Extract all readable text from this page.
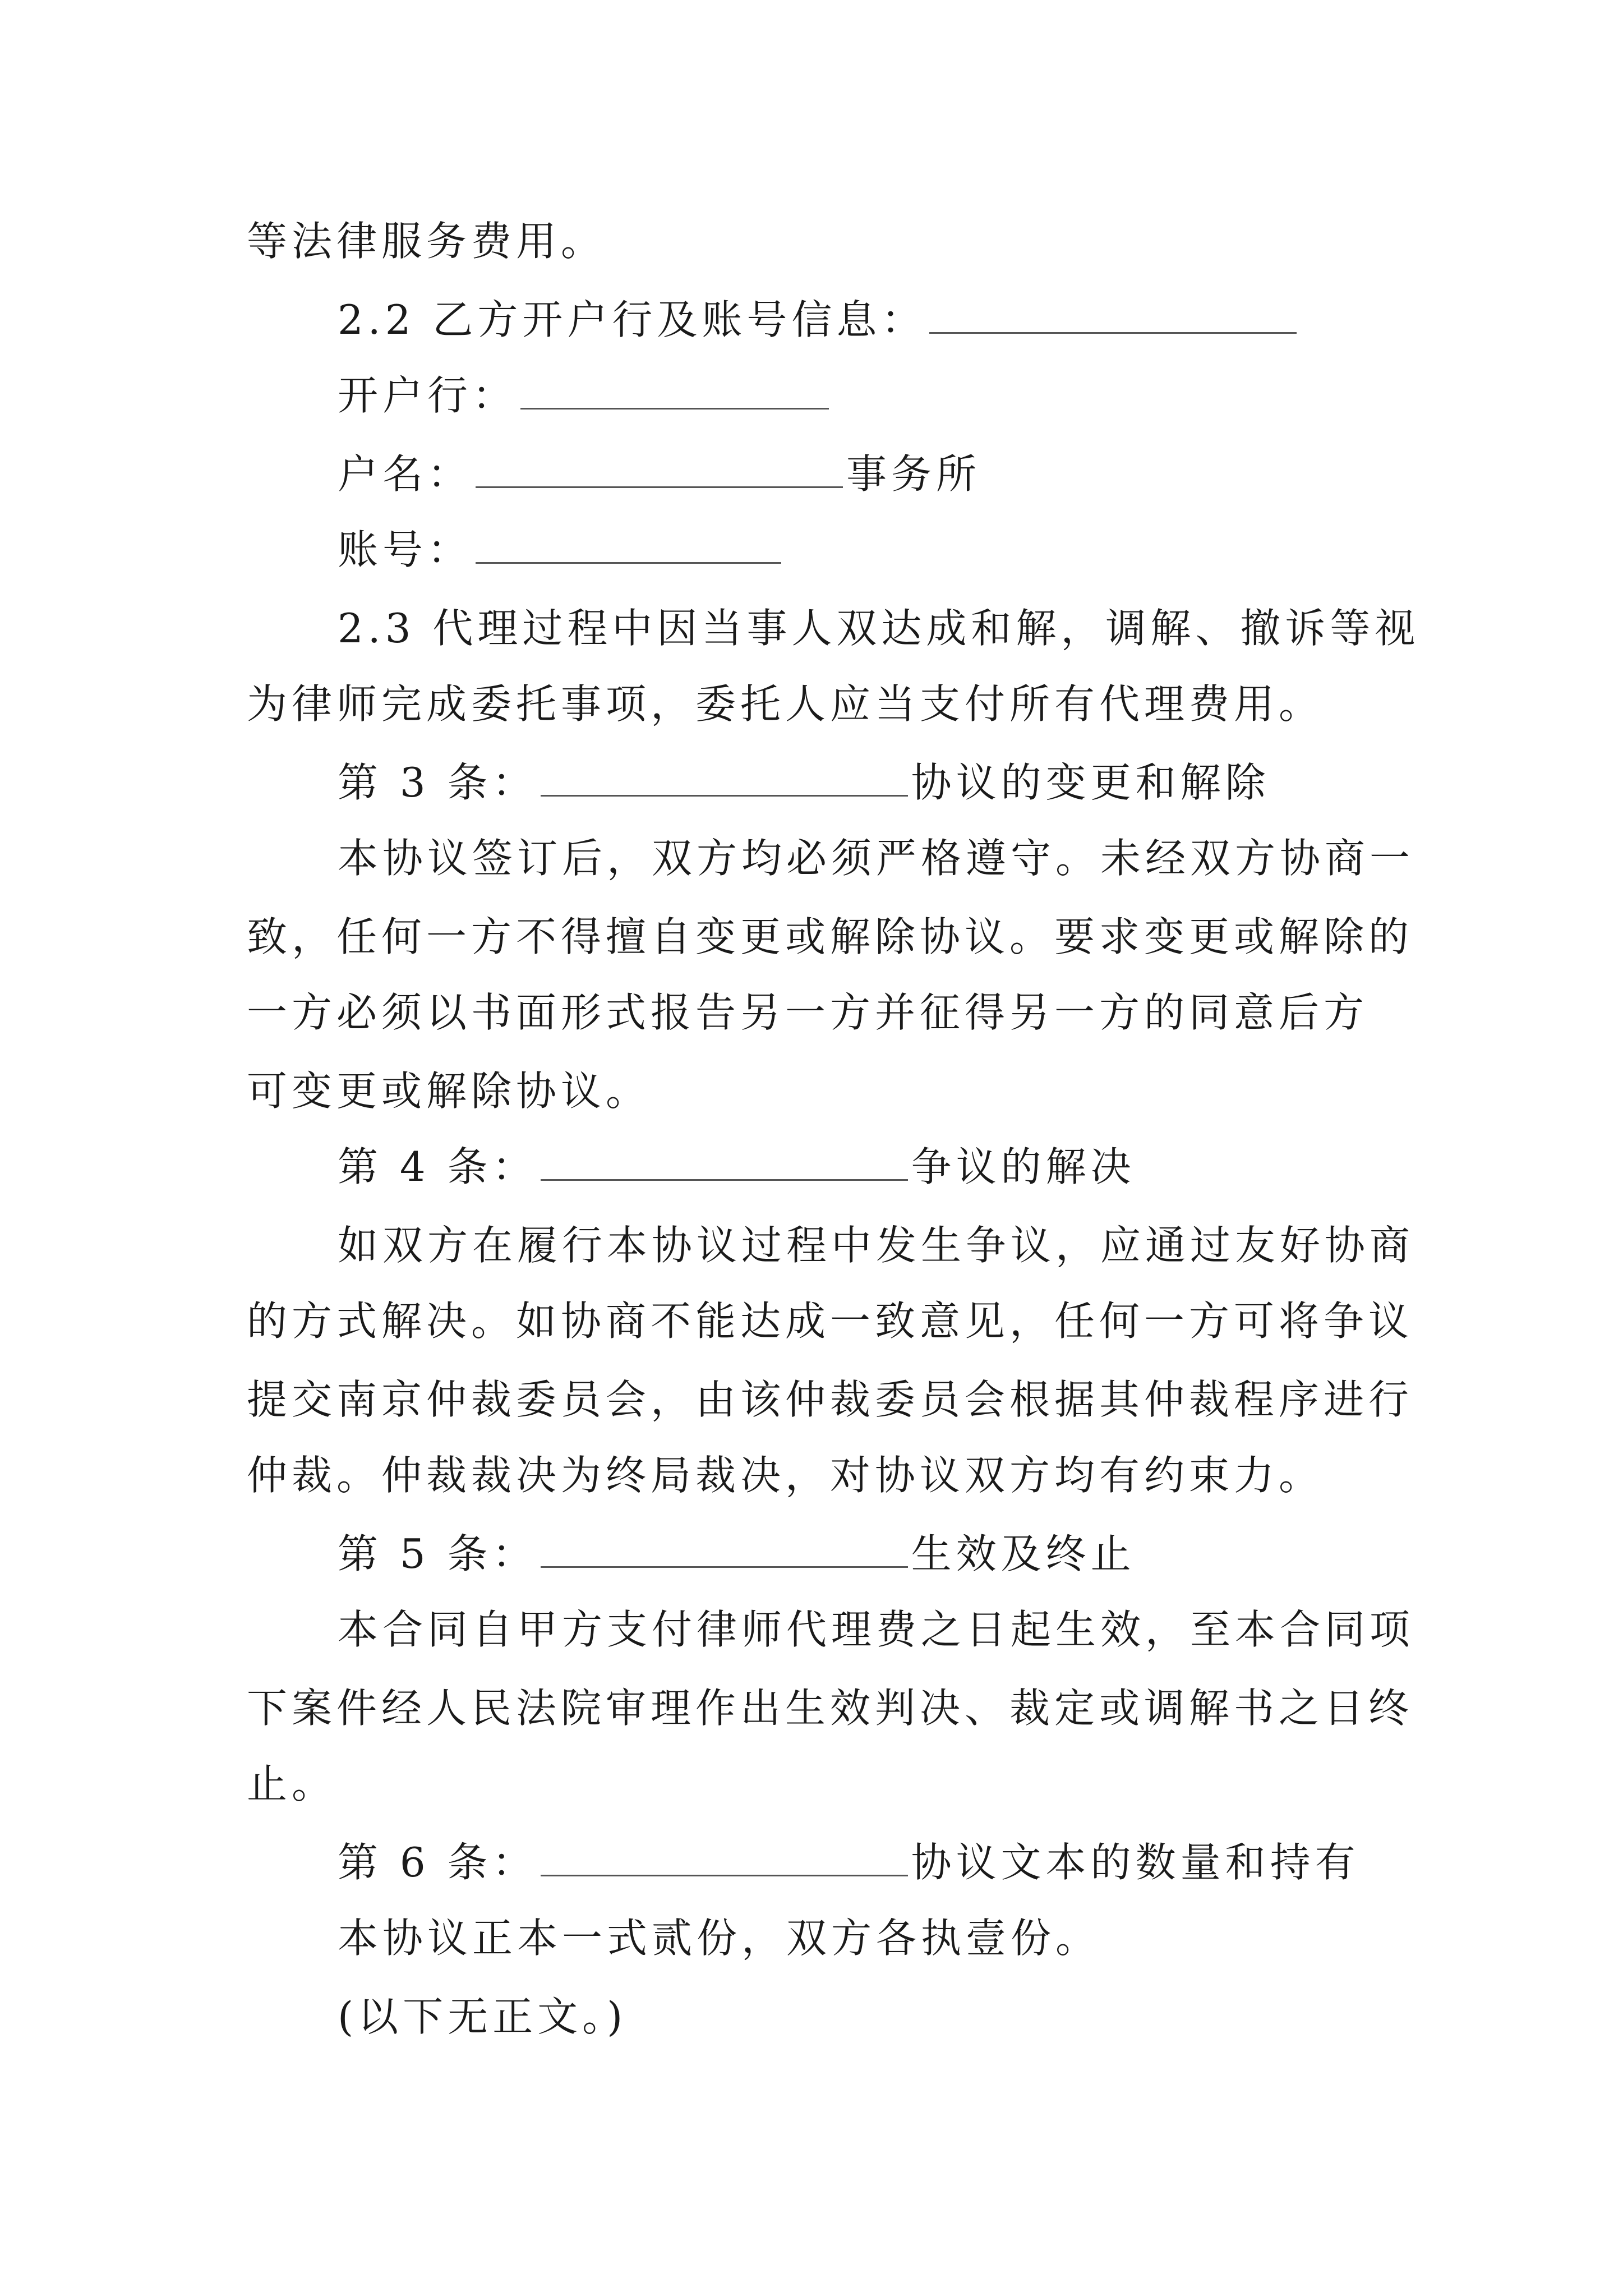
等法律服务费用。
2.2 乙方开户行及账号信息：
开户行：
户名：	事务所
账号：
2.3 代理过程中因当事人双达成和解，调解、撤诉等视
为律师完成委托事项，委托人应当支付所有代理费用。
第 3 条：	协议的变更和解除
本协议签订后，双方均必须严格遵守。未经双方协商一
致，任何一方不得擅自变更或解除协议。要求变更或解除的
一方必须以书面形式报告另一方并征得另一方的同意后方
可变更或解除协议。
第 4 条：	争议的解决
如双方在履行本协议过程中发生争议，应通过友好协商
的方式解决。如协商不能达成一致意见，任何一方可将争议
提交南京仲裁委员会，由该仲裁委员会根据其仲裁程序进行
仲裁。仲裁裁决为终局裁决，对协议双方均有约束力。
第 5 条：	生效及终止
本合同自甲方支付律师代理费之日起生效，至本合同项
下案件经人民法院审理作出生效判决、裁定或调解书之日终
止。
第 6 条：	协议文本的数量和持有
本协议正本一式贰份，双方各执壹份。
(以下无正文。)
